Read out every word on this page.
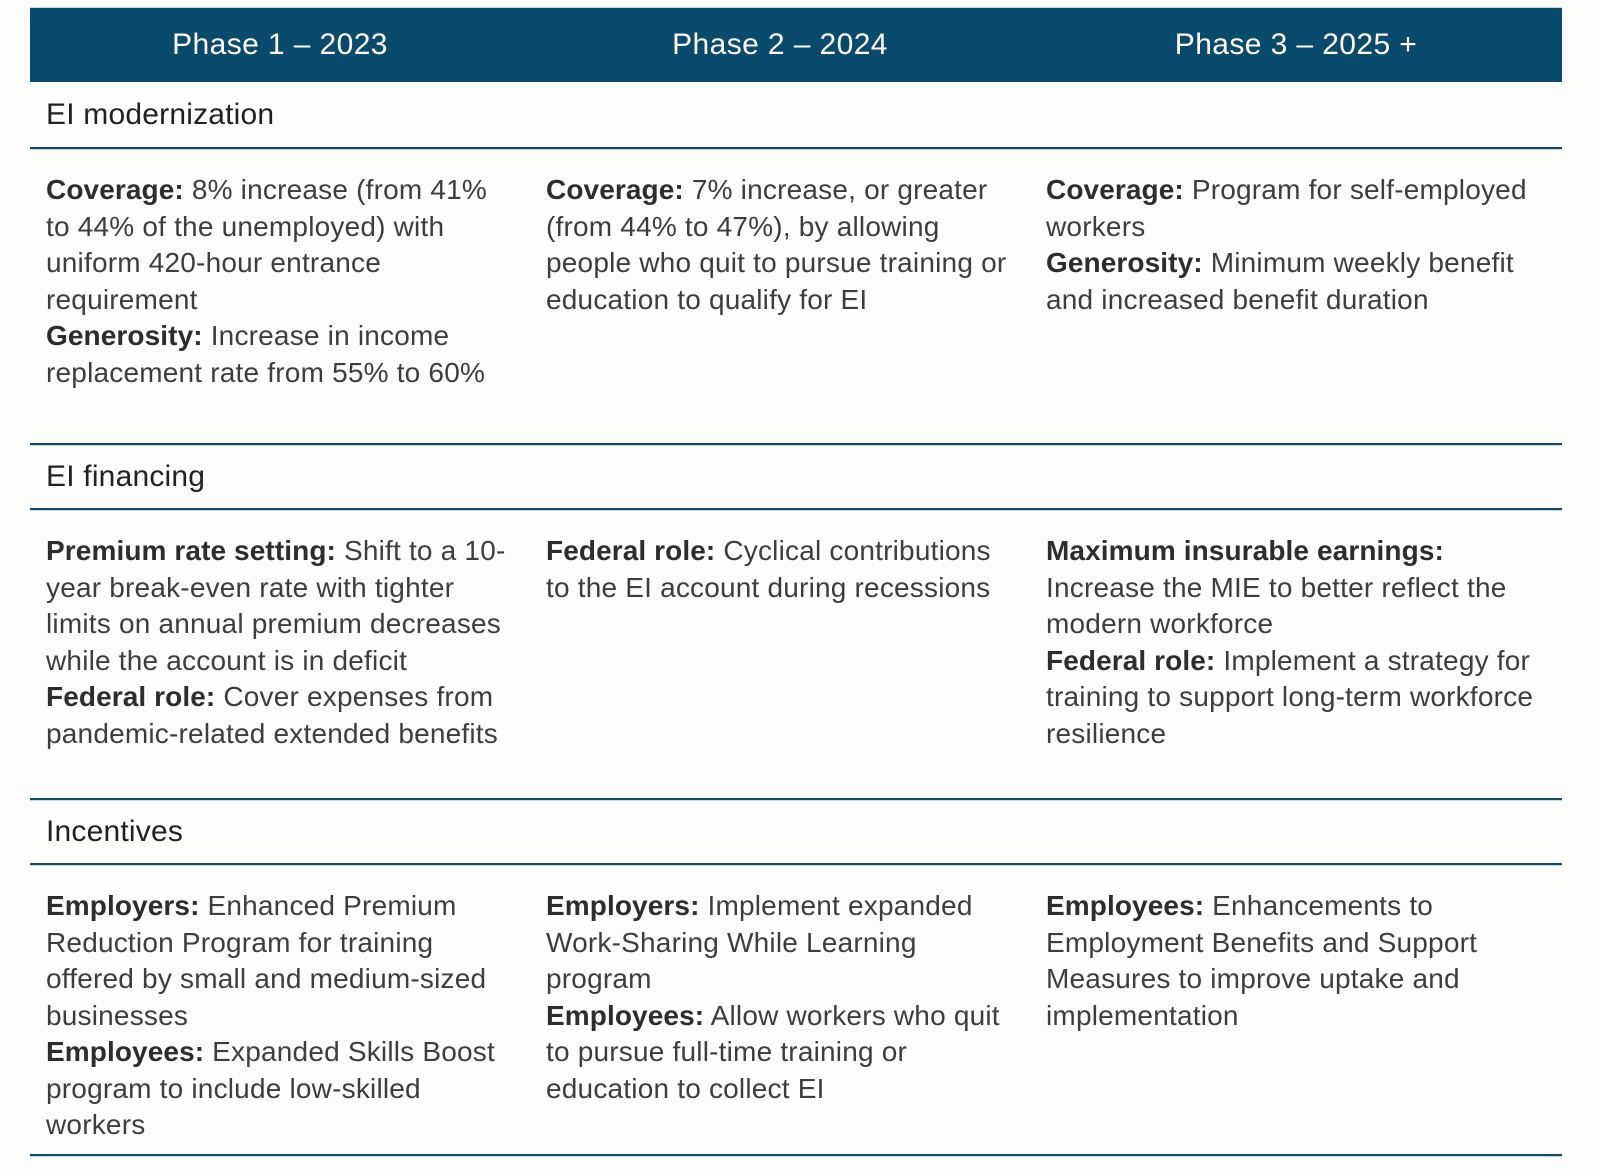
Phase 1 – 2023	Phase 2 – 2024	Phase 3 – 2025 +
EI modernization

Coverage: 8% increase (from 41% to 44% of the unemployed) with uniform 420-hour entrance requirement

Generosity: Increase in income replacement rate from 55% to 60%

Coverage: 7% increase, or greater (from 44% to 47%), by allowing people who quit to pursue training or education to qualify for EI

Coverage: Program for self-employed workers

Generosity: Minimum weekly benefit and increased benefit duration

EI financing

Premium rate setting: Shift to a 10-year break-even rate with tighter limits on annual premium decreases while the account is in deficit

Federal role: Cover expenses from pandemic-related extended benefits

Federal role: Cyclical contributions to the EI account during recessions

Maximum insurable earnings: Increase the MIE to better reflect the modern workforce

Federal role: Implement a strategy for training to support long-term workforce resilience

Incentives

Employers: Enhanced Premium Reduction Program for training offered by small and medium-sized businesses

Employees: Expanded Skills Boost program to include low-skilled workers

Employers: Implement expanded Work-Sharing While Learning program

Employees: Allow workers who quit to pursue full-time training or education to collect EI

Employees: Enhancements to Employment Benefits and Support Measures to improve uptake and implementation
